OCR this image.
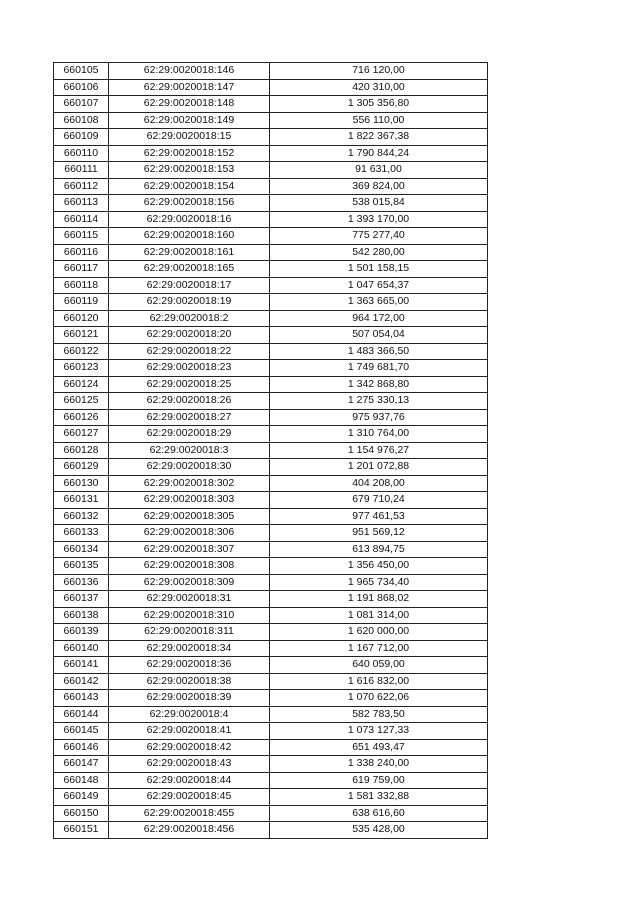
660105	62:29:0020018:146	716 120,00
660106	62:29:0020018:147	420 310,00
660107	62:29:0020018:148	1 305 356,80
660108	62:29:0020018:149	556 110,00
660109	62:29:0020018:15	1 822 367,38
660110	62:29:0020018:152	1 790 844,24
660111	62:29:0020018:153	91 631,00
660112	62:29:0020018:154	369 824,00
660113	62:29:0020018:156	538 015,84
660114	62:29:0020018:16	1 393 170,00
660115	62:29:0020018:160	775 277,40
660116	62:29:0020018:161	542 280,00
660117	62:29:0020018:165	1 501 158,15
660118	62:29:0020018:17	1 047 654,37
660119	62:29:0020018:19	1 363 665,00
660120	62:29:0020018:2	964 172,00
660121	62:29:0020018:20	507 054,04
660122	62:29:0020018:22	1 483 366,50
660123	62:29:0020018:23	1 749 681,70
660124	62:29:0020018:25	1 342 868,80
660125	62:29:0020018:26	1 275 330,13
660126	62:29:0020018:27	975 937,76
660127	62:29:0020018:29	1 310 764,00
660128	62:29:0020018:3	1 154 976,27
660129	62:29:0020018:30	1 201 072,88
660130	62:29:0020018:302	404 208,00
660131	62:29:0020018:303	679 710,24
660132	62:29:0020018:305	977 461,53
660133	62:29:0020018:306	951 569,12
660134	62:29:0020018:307	613 894,75
660135	62:29:0020018:308	1 356 450,00
660136	62:29:0020018:309	1 965 734,40
660137	62:29:0020018:31	1 191 868,02
660138	62:29:0020018:310	1 081 314,00
660139	62:29:0020018:311	1 620 000,00
660140	62:29:0020018:34	1 167 712,00
660141	62:29:0020018:36	640 059,00
660142	62:29:0020018:38	1 616 832,00
660143	62:29:0020018:39	1 070 622,06
660144	62:29:0020018:4	582 783,50
660145	62:29:0020018:41	1 073 127,33
660146	62:29:0020018:42	651 493,47
660147	62:29:0020018:43	1 338 240,00
660148	62:29:0020018:44	619 759,00
660149	62:29:0020018:45	1 581 332,88
660150	62:29:0020018:455	638 616,60
660151	62:29:0020018:456	535 428,00
